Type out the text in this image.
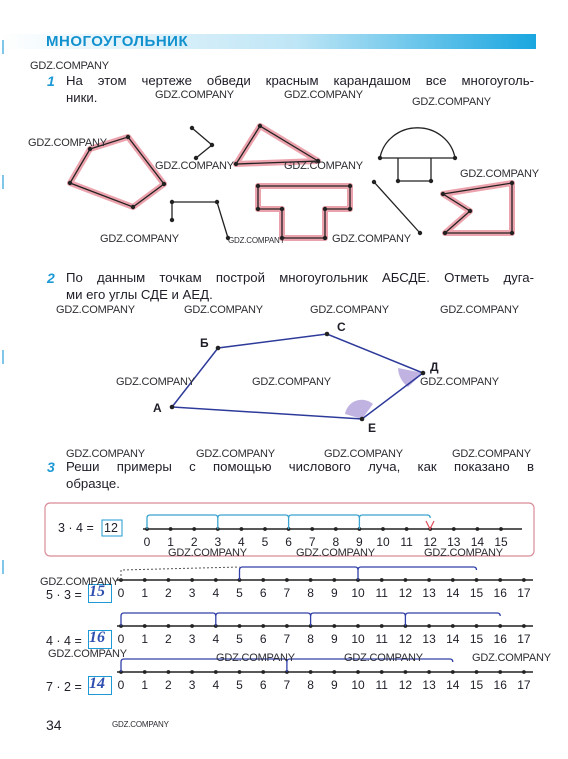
МНОГОУГОЛЬНИК
1 На этом чертеже обведи красным карандашом все многоуголь-
ники.
0 1 2 3 4 5 6 7 8 9 10 11 12 13 14 15
0 1 2 3 4 5 6 7 8 9 10 11 12 13 14 15 16 17
0 1 2 3 4 5 6 7 8 9 10 11 12 13 14 15 16 17
0 1 2 3 4 5 6 7 8 9 10 11 12 13 14 15 16 17
2 По данным точкам построй многоугольник АБСДЕ. Отметь дуга-
ми его углы СДЕ и АЕД.
А
Б
С
Д
Е
3 Реши примеры с помощью числового луча, как показано в
образце.
3 · 4 = 12
5 · 3 = 15
4 · 4 = 16
7 · 2 = 14
34
GDZ.COMPANY
GDZ.COMPANY	GDZ.COMPANY
GDZ.COMPANY
GDZ.COMPANY
GDZ.COMPANY	GDZ.COMPANY
GDZ.COMPANY
GDZ.COMPANY	GDZ.COMPANY	GDZ.COMPANY
GDZ.COMPANY	GDZ.COMPANY	GDZ.COMPANY	GDZ.COMPANY
GDZ.COMPANY	GDZ.COMPANY	GDZ.COMPANY
GDZ.COMPANY	GDZ.COMPANY	GDZ.COMPANY	GDZ.COMPANY
GDZ.COMPANY	GDZ.COMPANY	GDZ.COMPANY
GDZ.COMPANY
GDZ.COMPANY	GDZ.COMPANY	GDZ.COMPANY	GDZ.COMPANY
GDZ.COMPANY
